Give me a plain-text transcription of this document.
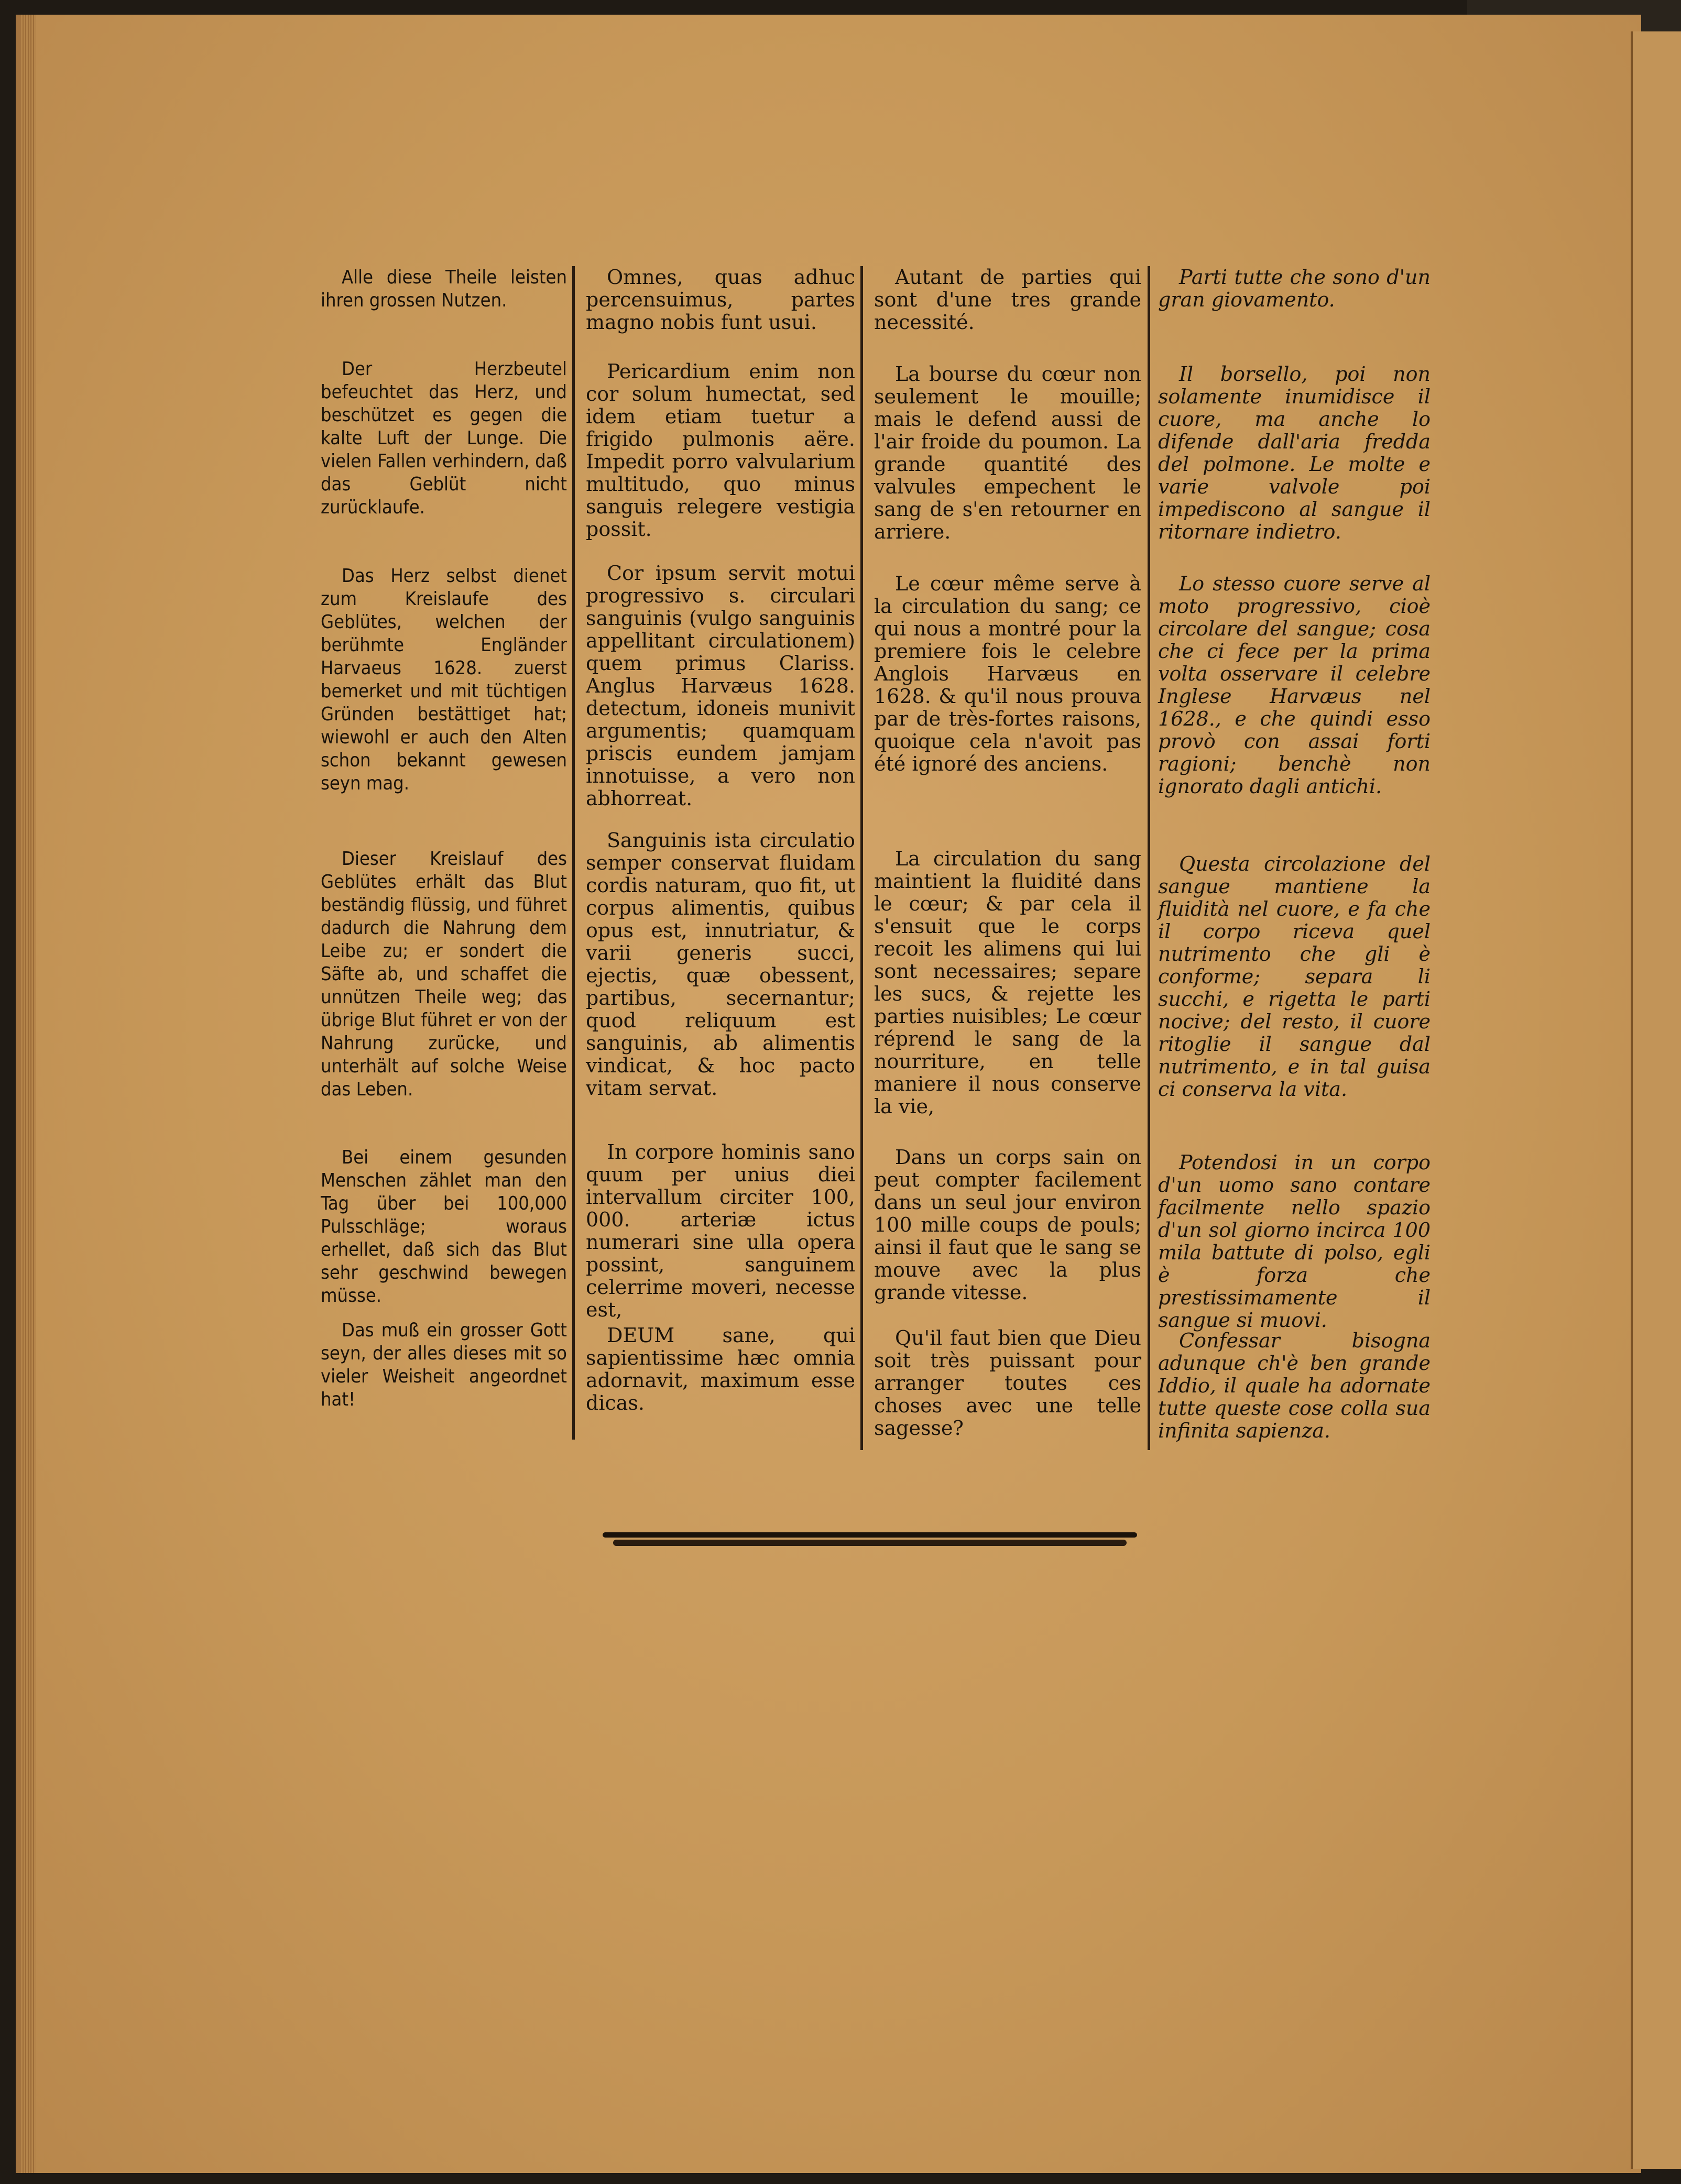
Alle diese Theile leisten ihren grossen Nutzen.

Der Herzbeutel befeuchtet das Herz, und beschützet es gegen die kalte Luft der Lunge. Die vielen Fallen verhindern, daß das Geblüt nicht zurücklaufe.

Das Herz selbst dienet zum Kreislaufe des Geblütes, welchen der berühmte Engländer Harvaeus 1628. zuerst bemerket und mit tüchtigen Gründen bestättiget hat; wiewohl er auch den Alten schon bekannt gewesen seyn mag.

Dieser Kreislauf des Geblütes erhält das Blut beständig flüssig, und führet dadurch die Nahrung dem Leibe zu; er sondert die Säfte ab, und schaffet die unnützen Theile weg; das übrige Blut führet er von der Nahrung zurücke, und unterhält auf solche Weise das Leben.

Bei einem gesunden Menschen zählet man den Tag über bei 100,000 Pulsschläge; woraus erhellet, daß sich das Blut sehr geschwind bewegen müsse.

Das muß ein grosser Gott seyn, der alles dieses mit so vieler Weisheit angeordnet hat!

Omnes, quas adhuc percensuimus, partes magno nobis funt usui.

Pericardium enim non cor solum humectat, sed idem etiam tuetur a frigido pulmonis aëre. Impedit porro valvularium multitudo, quo minus sanguis relegere vestigia possit.

Cor ipsum servit motui progressivo s. circulari sanguinis (vulgo sanguinis appellitant circulationem) quem primus Clariss. Anglus Harvæus 1628. detectum, idoneis munivit argumentis; quamquam priscis eundem jamjam innotuisse, a vero non abhorreat.

Sanguinis ista circulatio semper conservat fluidam cordis naturam, quo fit, ut corpus alimentis, quibus opus est, innutriatur, & varii generis succi, ejectis, quæ obessent, partibus, secernantur; quod reliquum est sanguinis, ab alimentis vindicat, & hoc pacto vitam servat.

In corpore hominis sano quum per unius diei intervallum circiter 100, 000. arteriæ ictus numerari sine ulla opera possint, sanguinem celerrime moveri, necesse est,

DEUM sane, qui sapientissime hæc omnia adornavit, maximum esse dicas.

Autant de parties qui sont d'une tres grande necessité.

La bourse du cœur non seulement le mouille; mais le defend aussi de l'air froide du poumon. La grande quantité des valvules empechent le sang de s'en retourner en arriere.

Le cœur même serve à la circulation du sang; ce qui nous a montré pour la premiere fois le celebre Anglois Harvæus en 1628. & qu'il nous prouva par de très-fortes raisons, quoique cela n'avoit pas été ignoré des anciens.

La circulation du sang maintient la fluidité dans le cœur; & par cela il s'ensuit que le corps recoit les alimens qui lui sont necessaires; separe les sucs, & rejette les parties nuisibles; Le cœur réprend le sang de la nourriture, en telle maniere il nous conserve la vie,

Dans un corps sain on peut compter facilement dans un seul jour environ 100 mille coups de pouls; ainsi il faut que le sang se mouve avec la plus grande vitesse.

Qu'il faut bien que Dieu soit très puissant pour arranger toutes ces choses avec une telle sagesse?

Parti tutte che sono d'un gran giovamento.

Il borsello, poi non solamente inumidisce il cuore, ma anche lo difende dall'aria fredda del polmone. Le molte e varie valvole poi impediscono al sangue il ritornare indietro.

Lo stesso cuore serve al moto progressivo, cioè circolare del sangue; cosa che ci fece per la prima volta osservare il celebre Inglese Harvæus nel 1628., e che quindi esso provò con assai forti ragioni; benchè non ignorato dagli antichi.

Questa circolazione del sangue mantiene la fluidità nel cuore, e fa che il corpo riceva quel nutrimento che gli è conforme; separa li succhi, e rigetta le parti nocive; del resto, il cuore ritoglie il sangue dal nutrimento, e in tal guisa ci conserva la vita.

Potendosi in un corpo d'un uomo sano contare facilmente nello spazio d'un sol giorno incirca 100 mila battute di polso, egli è forza che prestissimamente il sangue si muovi.

Confessar bisogna adunque ch'è ben grande Iddio, il quale ha adornate tutte queste cose colla sua infinita sapienza.
